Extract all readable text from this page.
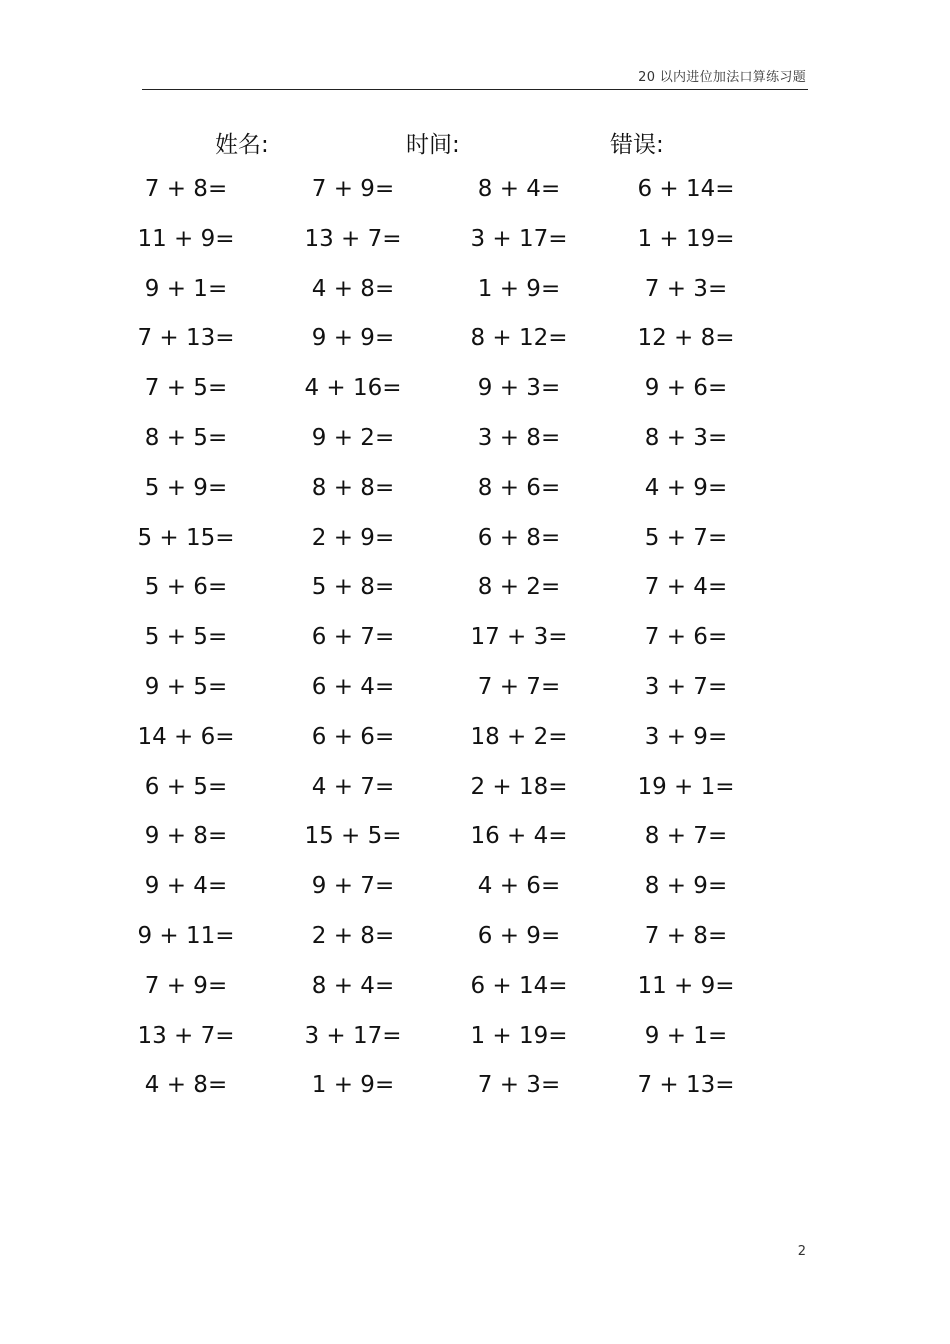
20 以内进位加法口算练习题
姓名:	时间:	错误:
7 + 8=	7 + 9=	8 + 4=	6 + 14=
11 + 9=	13 + 7=	3 + 17=	1 + 19=
9 + 1=	4 + 8=	1 + 9=	7 + 3=
7 + 13=	9 + 9=	8 + 12=	12 + 8=
7 + 5=	4 + 16=	9 + 3=	9 + 6=
8 + 5=	9 + 2=	3 + 8=	8 + 3=
5 + 9=	8 + 8=	8 + 6=	4 + 9=
5 + 15=	2 + 9=	6 + 8=	5 + 7=
5 + 6=	5 + 8=	8 + 2=	7 + 4=
5 + 5=	6 + 7=	17 + 3=	7 + 6=
9 + 5=	6 + 4=	7 + 7=	3 + 7=
14 + 6=	6 + 6=	18 + 2=	3 + 9=
6 + 5=	4 + 7=	2 + 18=	19 + 1=
9 + 8=	15 + 5=	16 + 4=	8 + 7=
9 + 4=	9 + 7=	4 + 6=	8 + 9=
9 + 11=	2 + 8=	6 + 9=	7 + 8=
7 + 9=	8 + 4=	6 + 14=	11 + 9=
13 + 7=	3 + 17=	1 + 19=	9 + 1=
4 + 8=	1 + 9=	7 + 3=	7 + 13=
2
